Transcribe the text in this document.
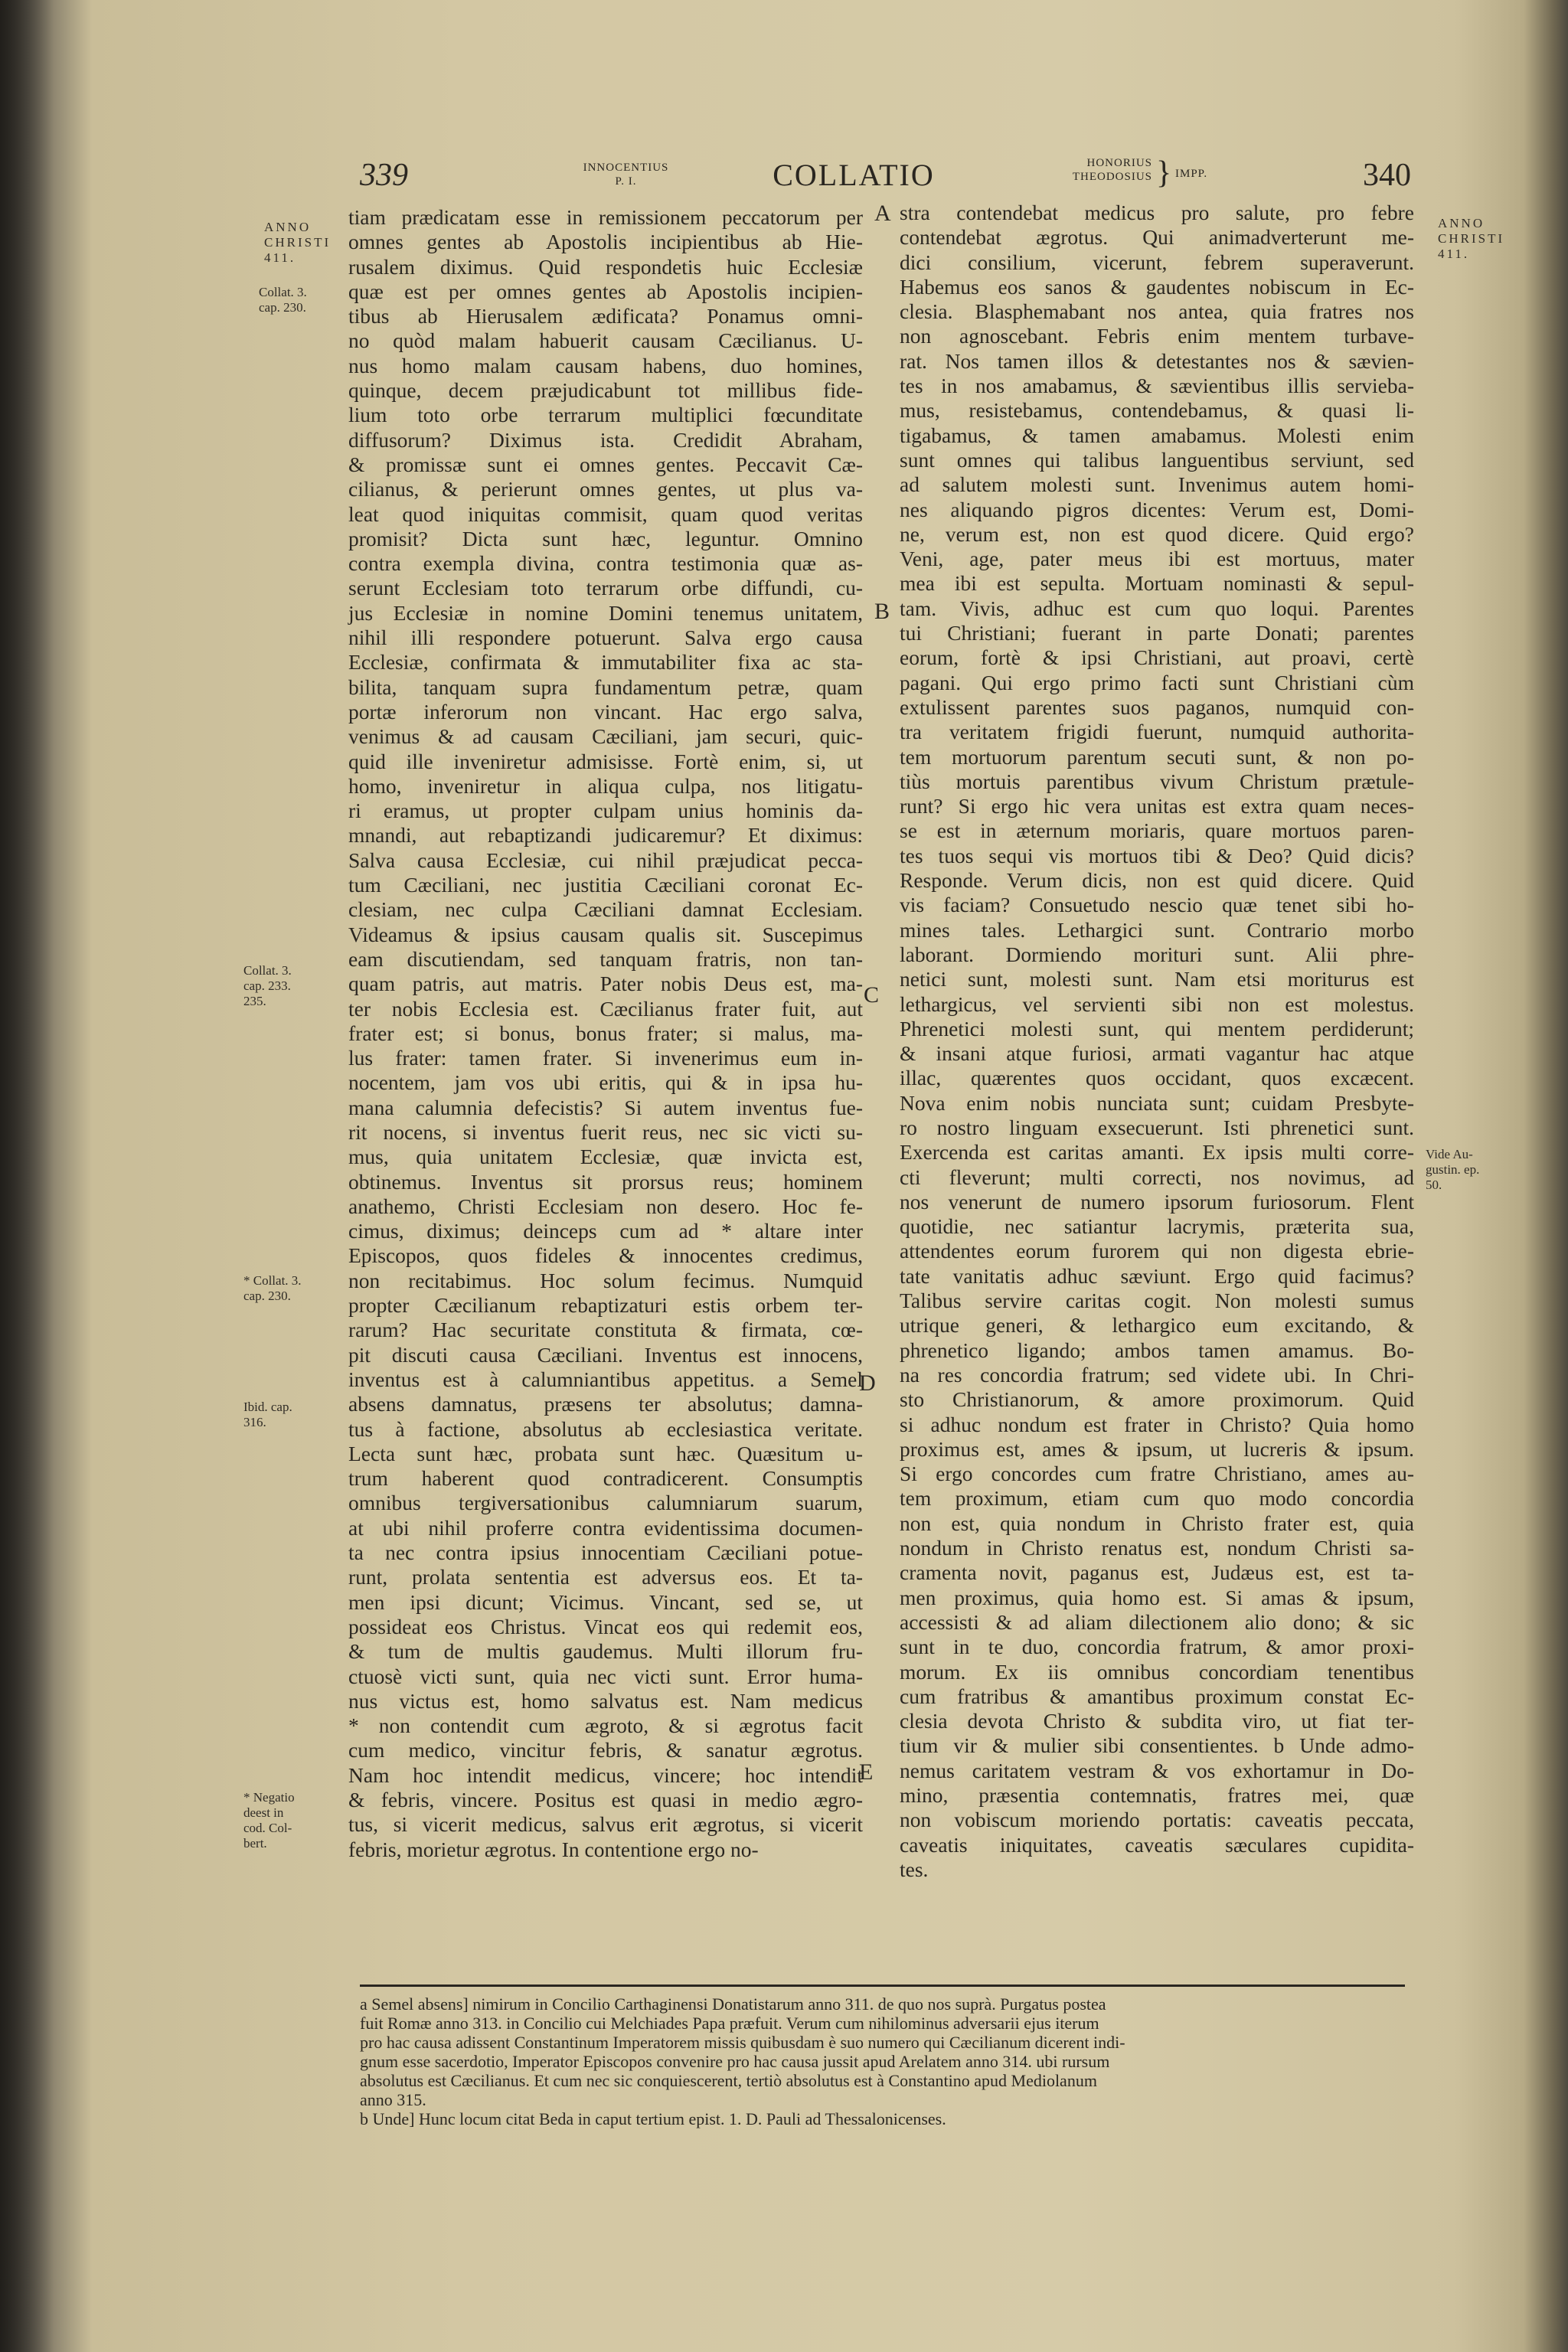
339	INNOCENTIUS
P. I.	COLLATIO	HONORIUS
THEODOSIUS } IMPP.	340
ANNO
CHRISTI
411.
Collat. 3.
cap. 230.
Collat. 3.
cap. 233.
235.
* Collat. 3.
cap. 230.
Ibid. cap.
316.
* Negatio
deest in
cod. Col-
bert.
ANNO
CHRISTI
411.
Vide Au-
gustin. ep.
50.
A
B
C
D
E
tiam prædicatam esse in remissionem peccatorum per
omnes gentes ab Apostolis incipientibus ab Hie-
rusalem diximus. Quid respondetis huic Ecclesiæ
quæ est per omnes gentes ab Apostolis incipien-
tibus ab Hierusalem ædificata? Ponamus omni-
no quòd malam habuerit causam Cæcilianus. U-
nus homo malam causam habens, duo homines,
quinque, decem præjudicabunt tot millibus fide-
lium toto orbe terrarum multiplici fœcunditate
diffusorum? Diximus ista. Credidit Abraham,
& promissæ sunt ei omnes gentes. Peccavit Cæ-
cilianus, & perierunt omnes gentes, ut plus va-
leat quod iniquitas commisit, quam quod veritas
promisit? Dicta sunt hæc, leguntur. Omnino
contra exempla divina, contra testimonia quæ as-
serunt Ecclesiam toto terrarum orbe diffundi, cu-
jus Ecclesiæ in nomine Domini tenemus unitatem,
nihil illi respondere potuerunt. Salva ergo causa
Ecclesiæ, confirmata & immutabiliter fixa ac sta-
bilita, tanquam supra fundamentum petræ, quam
portæ inferorum non vincant. Hac ergo salva,
venimus & ad causam Cæciliani, jam securi, quic-
quid ille inveniretur admisisse. Fortè enim, si, ut
homo, inveniretur in aliqua culpa, nos litigatu-
ri eramus, ut propter culpam unius hominis da-
mnandi, aut rebaptizandi judicaremur? Et diximus:
Salva causa Ecclesiæ, cui nihil præjudicat pecca-
tum Cæciliani, nec justitia Cæciliani coronat Ec-
clesiam, nec culpa Cæciliani damnat Ecclesiam.
Videamus & ipsius causam qualis sit. Suscepimus
eam discutiendam, sed tanquam fratris, non tan-
quam patris, aut matris. Pater nobis Deus est, ma-
ter nobis Ecclesia est. Cæcilianus frater fuit, aut
frater est; si bonus, bonus frater; si malus, ma-
lus frater: tamen frater. Si invenerimus eum in-
nocentem, jam vos ubi eritis, qui & in ipsa hu-
mana calumnia defecistis? Si autem inventus fue-
rit nocens, si inventus fuerit reus, nec sic victi su-
mus, quia unitatem Ecclesiæ, quæ invicta est,
obtinemus. Inventus sit prorsus reus; hominem
anathemo, Christi Ecclesiam non desero. Hoc fe-
cimus, diximus; deinceps cum ad * altare inter
Episcopos, quos fideles & innocentes credimus,
non recitabimus. Hoc solum fecimus. Numquid
propter Cæcilianum rebaptizaturi estis orbem ter-
rarum? Hac securitate constituta & firmata, cœ-
pit discuti causa Cæciliani. Inventus est innocens,
inventus est à calumniantibus appetitus. a Semel
absens damnatus, præsens ter absolutus; damna-
tus à factione, absolutus ab ecclesiastica veritate.
Lecta sunt hæc, probata sunt hæc. Quæsitum u-
trum haberent quod contradicerent. Consumptis
omnibus tergiversationibus calumniarum suarum,
at ubi nihil proferre contra evidentissima documen-
ta nec contra ipsius innocentiam Cæciliani potue-
runt, prolata sententia est adversus eos. Et ta-
men ipsi dicunt; Vicimus. Vincant, sed se, ut
possideat eos Christus. Vincat eos qui redemit eos,
& tum de multis gaudemus. Multi illorum fru-
ctuosè victi sunt, quia nec victi sunt. Error huma-
nus victus est, homo salvatus est. Nam medicus
* non contendit cum ægroto, & si ægrotus facit
cum medico, vincitur febris, & sanatur ægrotus.
Nam hoc intendit medicus, vincere; hoc intendit
& febris, vincere. Positus est quasi in medio ægro-
tus, si vicerit medicus, salvus erit ægrotus, si vicerit
febris, morietur ægrotus. In contentione ergo no-
stra contendebat medicus pro salute, pro febre
contendebat ægrotus. Qui animadverterunt me-
dici consilium, vicerunt, febrem superaverunt.
Habemus eos sanos & gaudentes nobiscum in Ec-
clesia. Blasphemabant nos antea, quia fratres nos
non agnoscebant. Febris enim mentem turbave-
rat. Nos tamen illos & detestantes nos & sævien-
tes in nos amabamus, & sævientibus illis servieba-
mus, resistebamus, contendebamus, & quasi li-
tigabamus, & tamen amabamus. Molesti enim
sunt omnes qui talibus languentibus serviunt, sed
ad salutem molesti sunt. Invenimus autem homi-
nes aliquando pigros dicentes: Verum est, Domi-
ne, verum est, non est quod dicere. Quid ergo?
Veni, age, pater meus ibi est mortuus, mater
mea ibi est sepulta. Mortuam nominasti & sepul-
tam. Vivis, adhuc est cum quo loqui. Parentes
tui Christiani; fuerant in parte Donati; parentes
eorum, fortè & ipsi Christiani, aut proavi, certè
pagani. Qui ergo primo facti sunt Christiani cùm
extulissent parentes suos paganos, numquid con-
tra veritatem frigidi fuerunt, numquid authorita-
tem mortuorum parentum secuti sunt, & non po-
tiùs mortuis parentibus vivum Christum prætule-
runt? Si ergo hic vera unitas est extra quam neces-
se est in æternum moriaris, quare mortuos paren-
tes tuos sequi vis mortuos tibi & Deo? Quid dicis?
Responde. Verum dicis, non est quid dicere. Quid
vis faciam? Consuetudo nescio quæ tenet sibi ho-
mines tales. Lethargici sunt. Contrario morbo
laborant. Dormiendo morituri sunt. Alii phre-
netici sunt, molesti sunt. Nam etsi moriturus est
lethargicus, vel servienti sibi non est molestus.
Phrenetici molesti sunt, qui mentem perdiderunt;
& insani atque furiosi, armati vagantur hac atque
illac, quærentes quos occidant, quos excæcent.
Nova enim nobis nunciata sunt; cuidam Presbyte-
ro nostro linguam exsecuerunt. Isti phrenetici sunt.
Exercenda est caritas amanti. Ex ipsis multi corre-
cti fleverunt; multi correcti, nos novimus, ad
nos venerunt de numero ipsorum furiosorum. Flent
quotidie, nec satiantur lacrymis, præterita sua,
attendentes eorum furorem qui non digesta ebrie-
tate vanitatis adhuc sæviunt. Ergo quid facimus?
Talibus servire caritas cogit. Non molesti sumus
utrique generi, & lethargico eum excitando, &
phrenetico ligando; ambos tamen amamus. Bo-
na res concordia fratrum; sed videte ubi. In Chri-
sto Christianorum, & amore proximorum. Quid
si adhuc nondum est frater in Christo? Quia homo
proximus est, ames & ipsum, ut lucreris & ipsum.
Si ergo concordes cum fratre Christiano, ames au-
tem proximum, etiam cum quo modo concordia
non est, quia nondum in Christo frater est, quia
nondum in Christo renatus est, nondum Christi sa-
cramenta novit, paganus est, Judæus est, est ta-
men proximus, quia homo est. Si amas & ipsum,
accessisti & ad aliam dilectionem alio dono; & sic
sunt in te duo, concordia fratrum, & amor proxi-
morum. Ex iis omnibus concordiam tenentibus
cum fratribus & amantibus proximum constat Ec-
clesia devota Christo & subdita viro, ut fiat ter-
tium vir & mulier sibi consentientes. b Unde admo-
nemus caritatem vestram & vos exhortamur in Do-
mino, præsentia contemnatis, fratres mei, quæ
non vobiscum moriendo portatis: caveatis peccata,
caveatis iniquitates, caveatis sæculares cupidita-
tes.
a Semel absens] nimirum in Concilio Carthaginensi Donatistarum anno 311. de quo nos suprà. Purgatus postea
fuit Romæ anno 313. in Concilio cui Melchiades Papa præfuit. Verum cum nihilominus adversarii ejus iterum
pro hac causa adissent Constantinum Imperatorem missis quibusdam è suo numero qui Cæcilianum dicerent indi-
gnum esse sacerdotio, Imperator Episcopos convenire pro hac causa jussit apud Arelatem anno 314. ubi rursum
absolutus est Cæcilianus. Et cum nec sic conquiescerent, tertiò absolutus est à Constantino apud Mediolanum
anno 315.
b Unde] Hunc locum citat Beda in caput tertium epist. 1. D. Pauli ad Thessalonicenses.
